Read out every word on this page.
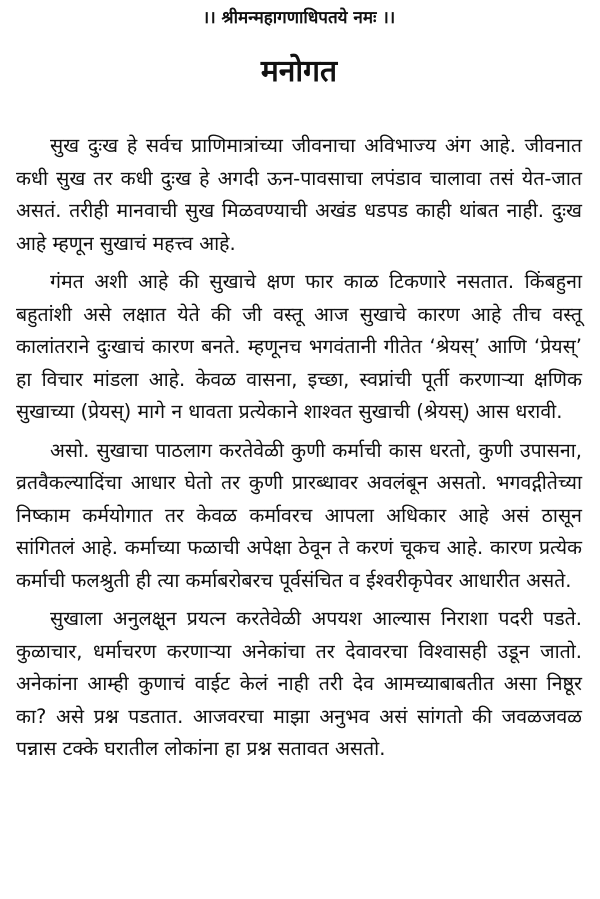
।। श्रीमन्महागणाधिपतये नमः ।।

मनोगत

सुख दुःख हे सर्वच प्राणिमात्रांच्या जीवनाचा अविभाज्य अंग आहे. जीवनात कधी सुख तर कधी दुःख हे अगदी ऊन-पावसाचा लपंडाव चालावा तसं येत-जात असतं. तरीही मानवाची सुख मिळवण्याची अखंड धडपड काही थांबत नाही. दुःख आहे म्हणून सुखाचं महत्त्व आहे.

गंमत अशी आहे की सुखाचे क्षण फार काळ टिकणारे नसतात. किंबहुना बहुतांशी असे लक्षात येते की जी वस्तू आज सुखाचे कारण आहे तीच वस्तू कालांतराने दुःखाचं कारण बनते. म्हणूनच भगवंतानी गीतेत ‘श्रेयस्’ आणि ‘प्रेयस्’ हा विचार मांडला आहे. केवळ वासना, इच्छा, स्वप्नांची पूर्ती करणाऱ्या क्षणिक सुखाच्या (प्रेयस्) मागे न धावता प्रत्येकाने शाश्वत सुखाची (श्रेयस्) आस धरावी.

असो. सुखाचा पाठलाग करतेवेळी कुणी कर्माची कास धरतो, कुणी उपासना, व्रतवैकल्यादिंचा आधार घेतो तर कुणी प्रारब्धावर अवलंबून असतो. भगवद्गीतेच्या निष्काम कर्मयोगात तर केवळ कर्मावरच आपला अधिकार आहे असं ठासून सांगितलं आहे. कर्माच्या फळाची अपेक्षा ठेवून ते करणं चूकच आहे. कारण प्रत्येक कर्माची फलश्रुती ही त्या कर्माबरोबरच पूर्वसंचित व ईश्वरीकृपेवर आधारीत असते.

सुखाला अनुलक्षून प्रयत्न करतेवेळी अपयश आल्यास निराशा पदरी पडते. कुळाचार, धर्माचरण करणाऱ्या अनेकांचा तर देवावरचा विश्वासही उडून जातो. अनेकांना आम्ही कुणाचं वाईट केलं नाही तरी देव आमच्याबाबतीत असा निष्ठूर का? असे प्रश्न पडतात. आजवरचा माझा अनुभव असं सांगतो की जवळजवळ पन्नास टक्के घरातील लोकांना हा प्रश्न सतावत असतो.
